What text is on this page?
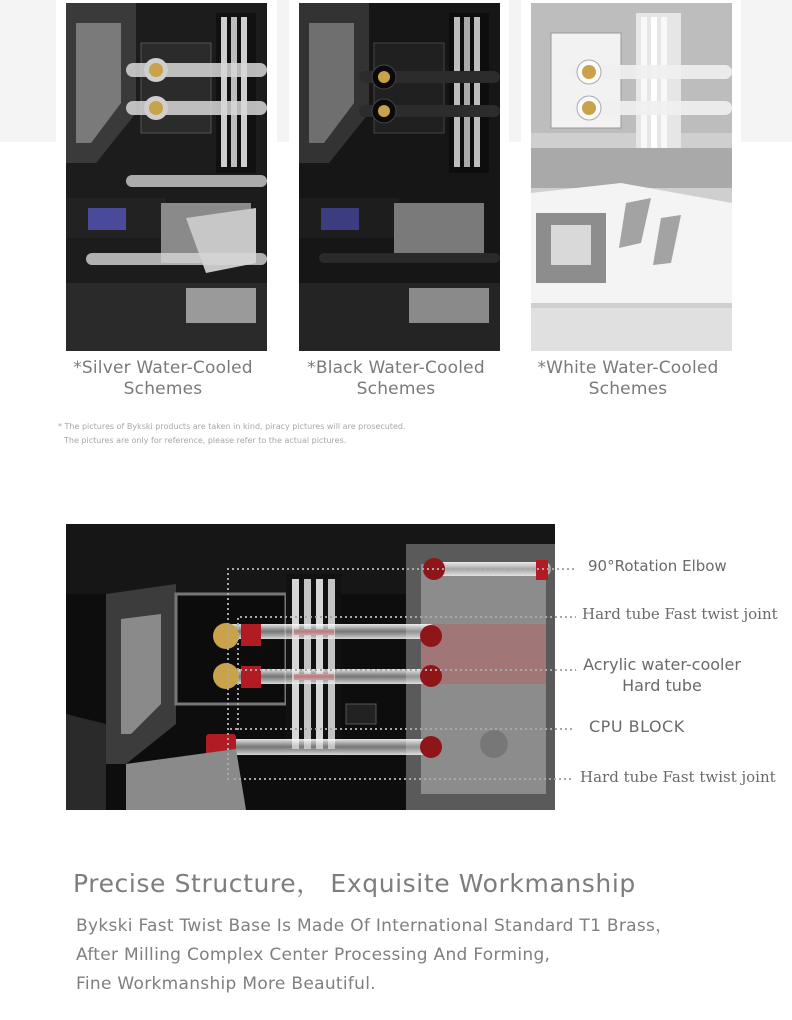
*Silver Water-Cooled
Schemes
*Black Water-Cooled
Schemes
*White Water-Cooled
Schemes
* The pictures of Bykski products are taken in kind, piracy pictures will are prosecuted.
The pictures are only for reference, please refer to the actual pictures.
90°Rotation Elbow
Hard tube Fast twist joint
Acrylic water-cooler
Hard tube
CPU BLOCK
Hard tube Fast twist joint
Precise Structure， Exquisite Workmanship
Bykski Fast Twist Base Is Made Of International Standard T1 Brass，
After Milling Complex Center Processing And Forming,
Fine Workmanship More Beautiful.
